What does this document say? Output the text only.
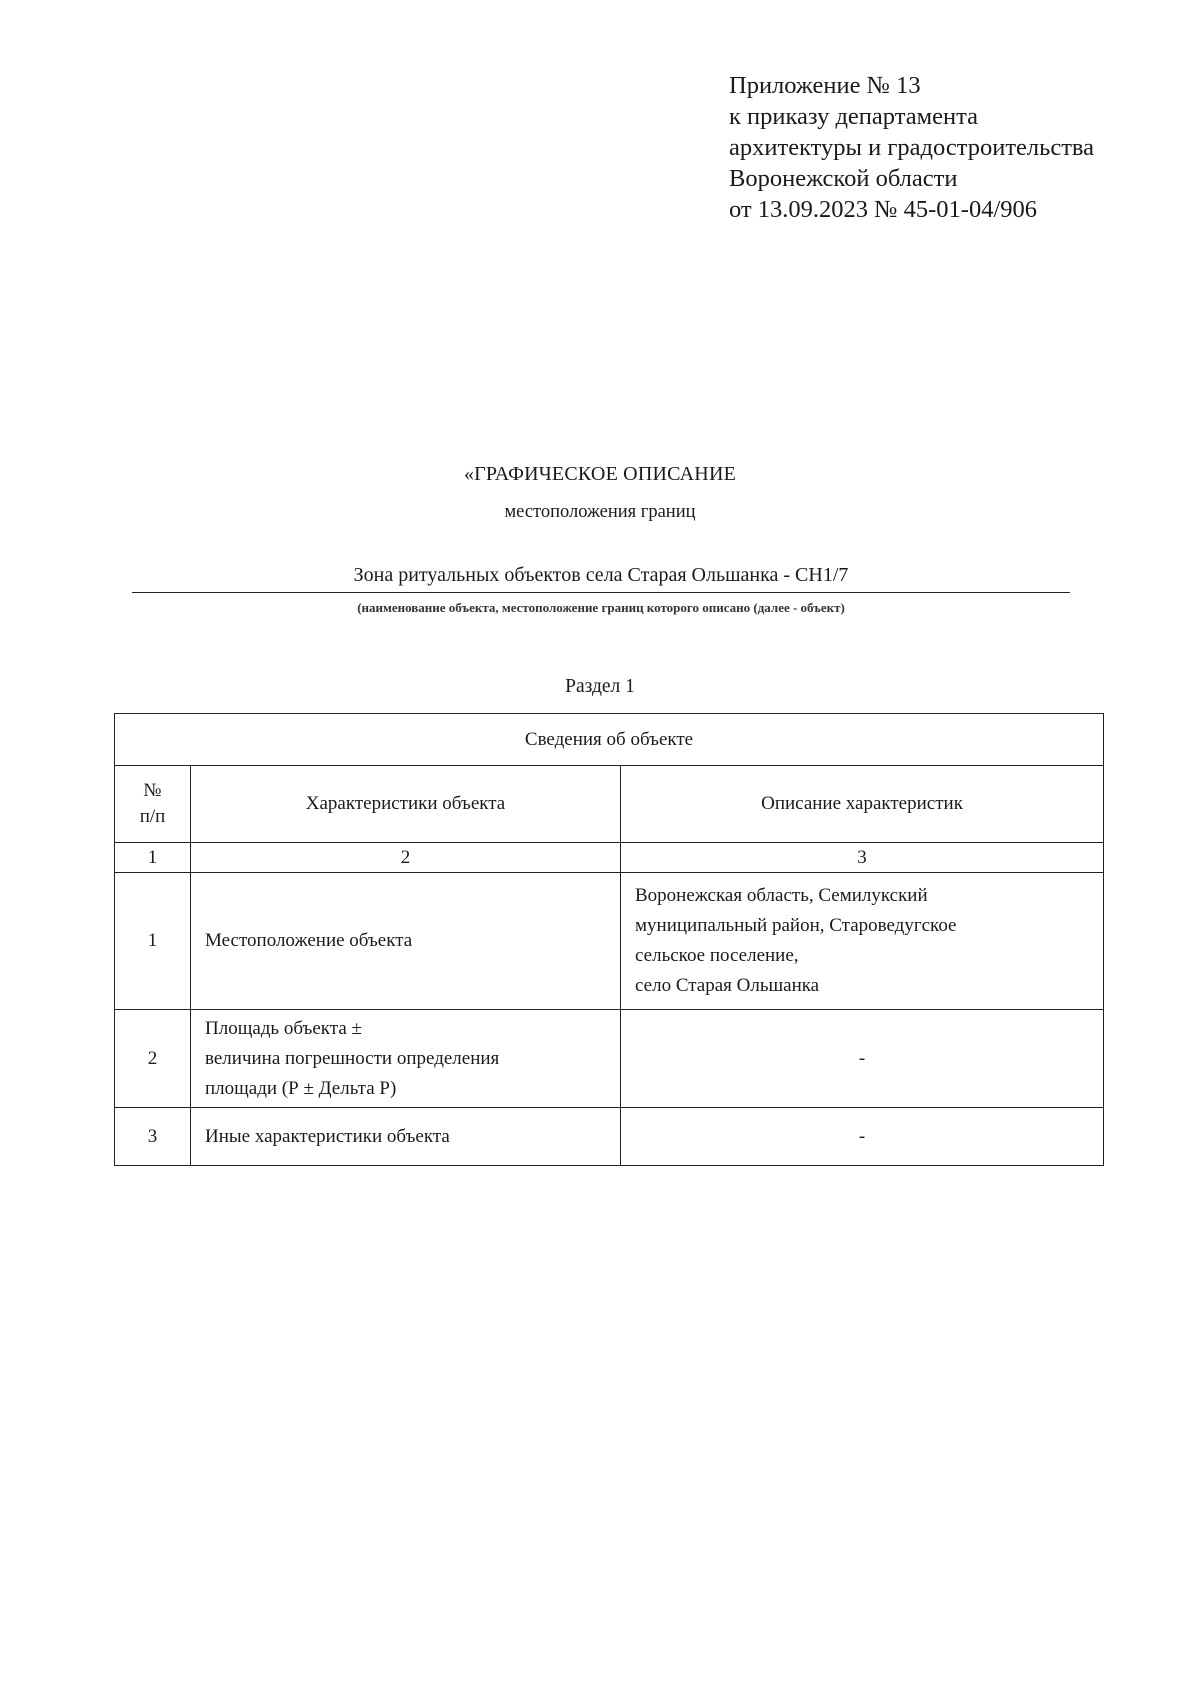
Приложение № 13
к приказу департамента
архитектуры и градостроительства
Воронежской области
от 13.09.2023 № 45-01-04/906
«ГРАФИЧЕСКОЕ ОПИСАНИЕ
местоположения границ
Зона ритуальных объектов села Старая Ольшанка - СН1/7
(наименование объекта, местоположение границ которого описано (далее - объект)
Раздел 1
Сведения об объекте		

№
п/п	Характеристики объекта	Описание характеристик
1	2	3
1	Местоположение объекта	Воронежская область, Семилукский
муниципальный район, Староведугское
сельское поселение,
село Старая Ольшанка

2	Площадь объекта ±
величина погрешности определения
площади (Р ± Дельта Р)	-

3	Иные характеристики объекта	-
